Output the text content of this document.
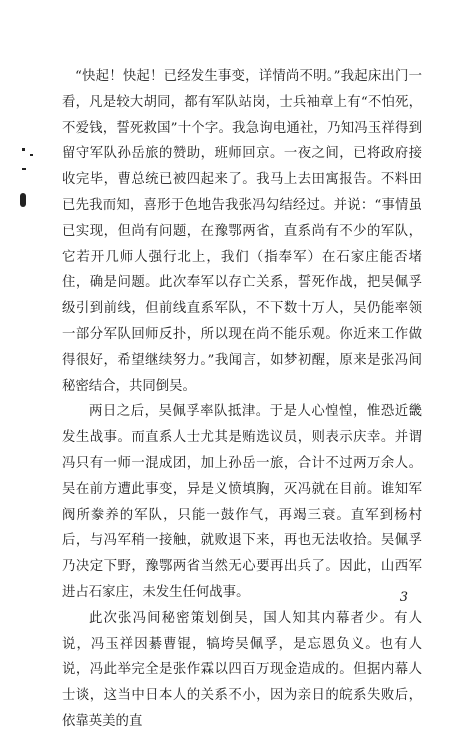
“快起！快起！已经发生事变，详情尚不明。”我起床出门一看，凡是较大胡同，都有军队站岗，士兵袖章上有“不怕死，不爱钱，誓死救国”十个字。我急询电通社，乃知冯玉祥得到留守军队孙岳旅的赞助，班师回京。一夜之间，已将政府接收完毕，曹总统已被四起来了。我马上去田寓报告。不料田已先我而知，喜形于色地告我张冯勾结经过。并说：“事情虽已实现，但尚有问题，在豫鄂两省，直系尚有不少的军队，它若开几师人强行北上，我们（指奉军）在石家庄能否堵住，确是问题。此次奉军以存亡关系，誓死作战，把吴佩孚级引到前线，但前线直系军队，不下数十万人，吴仍能率领一部分军队回师反扑，所以现在尚不能乐观。你近来工作做得很好，希望继续努力。”我闻言，如梦初醒，原来是张冯间秘密结合，共同倒吴。

两日之后，吴佩孚率队抵津。于是人心惶惶，惟恐近畿发生战事。而直系人士尤其是贿选议员，则表示庆幸。并谓冯只有一师一混成团，加上孙岳一旅，合计不过两万余人。吴在前方遭此事变，异是义愤填胸，灭冯就在目前。谁知军阀所豢养的军队，只能一鼓作气，再竭三衰。直军到杨村后，与冯军稍一接触，就败退下来，再也无法收拾。吴佩孚乃决定下野，豫鄂两省当然无心要再出兵了。因此，山西军进占石家庄，未发生任何战事。

此次张冯间秘密策划倒吴，国人知其内幕者少。有人说，冯玉祥因綦曹锟，犒垮吴佩孚，是忘恩负义。也有人说，冯此举完全是张作霖以四百万现金造成的。但据内幕人士谈，这当中日本人的关系不小，因为亲日的皖系失败后，依靠英美的直

3
